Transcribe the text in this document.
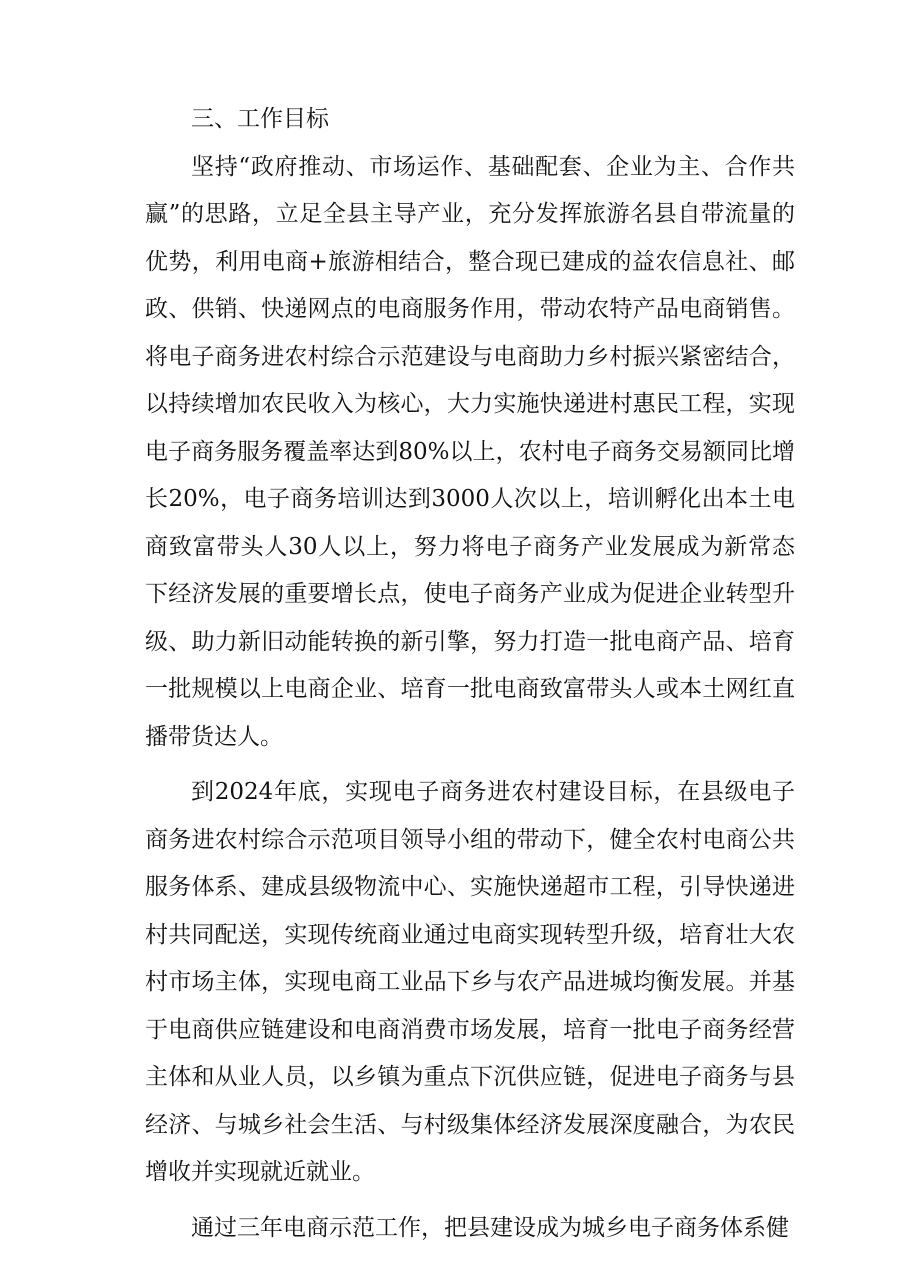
三、工作目标

坚持“政府推动、市场运作、基础配套、企业为主、合作共赢”的思路，立足全县主导产业，充分发挥旅游名县自带流量的优势，利用电商+旅游相结合，整合现已建成的益农信息社、邮政、供销、快递网点的电商服务作用，带动农特产品电商销售。将电子商务进农村综合示范建设与电商助力乡村振兴紧密结合，以持续增加农民收入为核心，大力实施快递进村惠民工程，实现电子商务服务覆盖率达到80%以上，农村电子商务交易额同比增长20%，电子商务培训达到3000人次以上，培训孵化出本土电商致富带头人30人以上，努力将电子商务产业发展成为新常态下经济发展的重要增长点，使电子商务产业成为促进企业转型升级、助力新旧动能转换的新引擎，努力打造一批电商产品、培育一批规模以上电商企业、培育一批电商致富带头人或本土网红直播带货达人。

到2024年底，实现电子商务进农村建设目标，在县级电子商务进农村综合示范项目领导小组的带动下，健全农村电商公共服务体系、建成县级物流中心、实施快递超市工程，引导快递进村共同配送，实现传统商业通过电商实现转型升级，培育壮大农村市场主体，实现电商工业品下乡与农产品进城均衡发展。并基于电商供应链建设和电商消费市场发展，培育一批电子商务经营主体和从业人员，以乡镇为重点下沉供应链，促进电子商务与县经济、与城乡社会生活、与村级集体经济发展深度融合，为农民增收并实现就近就业。

通过三年电商示范工作，把县建设成为城乡电子商务体系健
